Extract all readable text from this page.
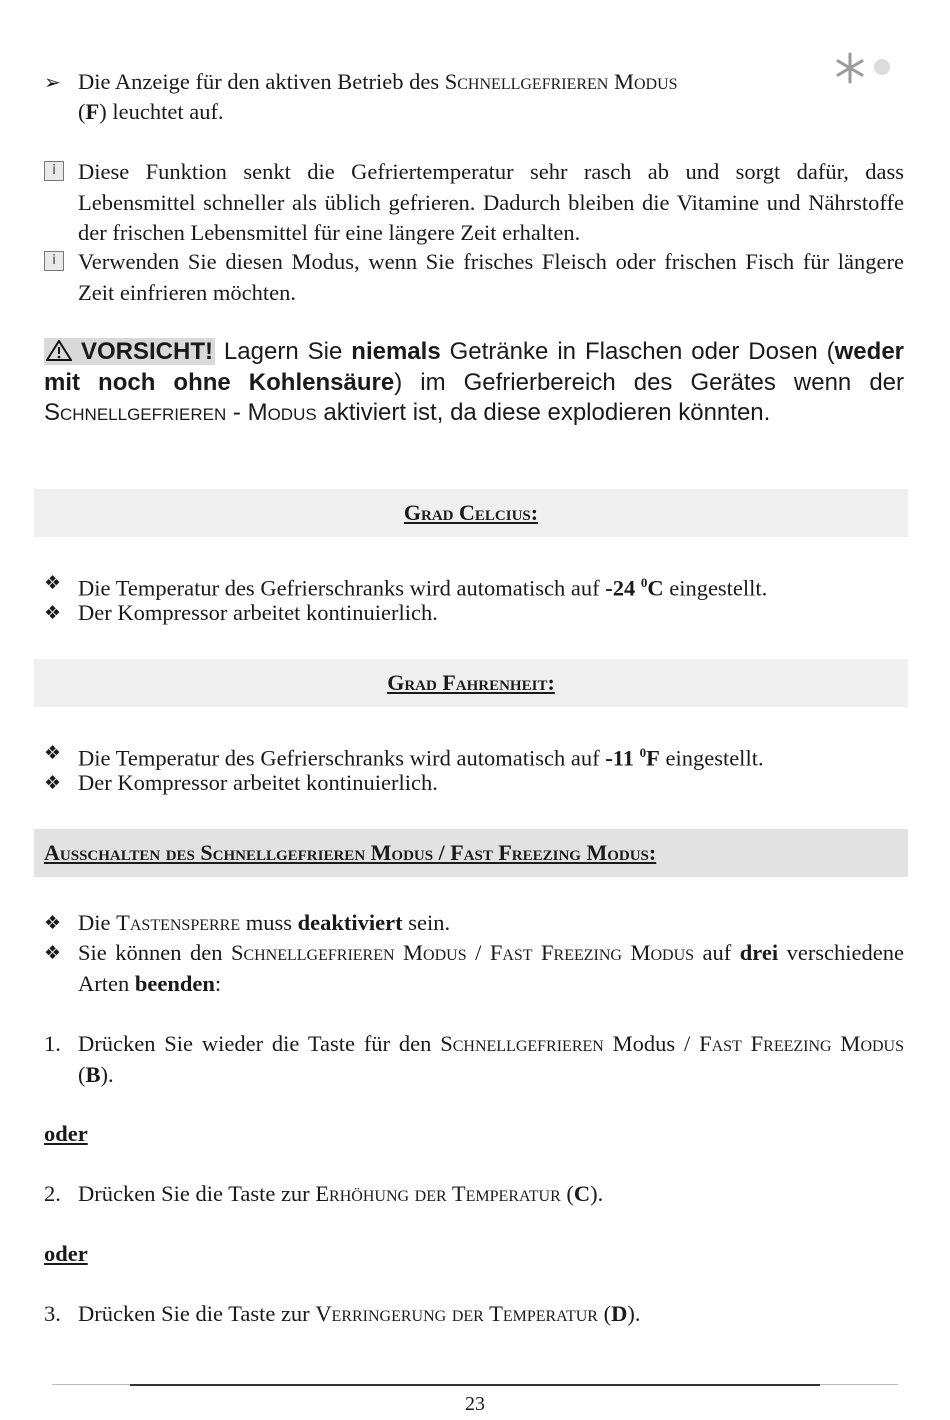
➢ Die Anzeige für den aktiven Betrieb des Schnellgefrieren Modus
(F) leuchtet auf.
i Diese Funktion senkt die Gefriertemperatur sehr rasch ab und sorgt dafür, dass Lebensmittel schneller als üblich gefrieren. Dadurch bleiben die Vitamine und Nährstoffe der frischen Lebensmittel für eine längere Zeit erhalten.
i Verwenden Sie diesen Modus, wenn Sie frisches Fleisch oder frischen Fisch für längere Zeit einfrieren möchten.
VORSICHT! Lagern Sie niemals Getränke in Flaschen oder Dosen (weder mit noch ohne Kohlensäure) im Gefrierbereich des Gerätes wenn der Schnellgefrieren - Modus aktiviert ist, da diese explodieren könnten.
Grad Celcius:
❖ Die Temperatur des Gefrierschranks wird automatisch auf -24 $^0$C eingestellt.
❖ Der Kompressor arbeitet kontinuierlich.
Grad Fahrenheit:
❖ Die Temperatur des Gefrierschranks wird automatisch auf -11 $^0$F eingestellt.
❖ Der Kompressor arbeitet kontinuierlich.
Ausschalten des Schnellgefrieren Modus / Fast Freezing Modus:
❖ Die Tastensperre muss deaktiviert sein.
❖ Sie können den Schnellgefrieren Modus / Fast Freezing Modus auf drei verschiedene Arten beenden:
1. Drücken Sie wieder die Taste für den Schnellgefrieren Modus / Fast Freezing Modus (B).
oder
2. Drücken Sie die Taste zur Erhöhung der Temperatur (C).
oder
3. Drücken Sie die Taste zur Verringerung der Temperatur (D).
23
